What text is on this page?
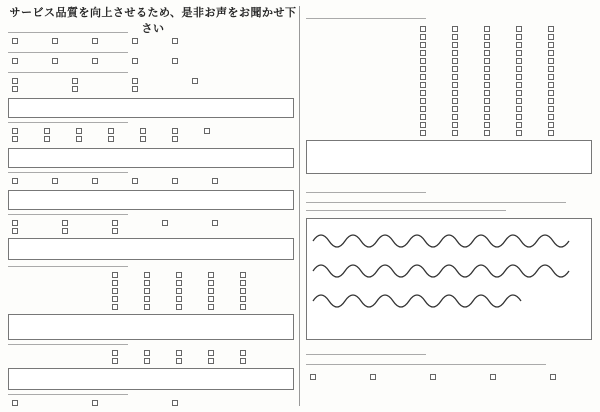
サービス品質を向上させるため、是非お声をお聞かせ下さい
